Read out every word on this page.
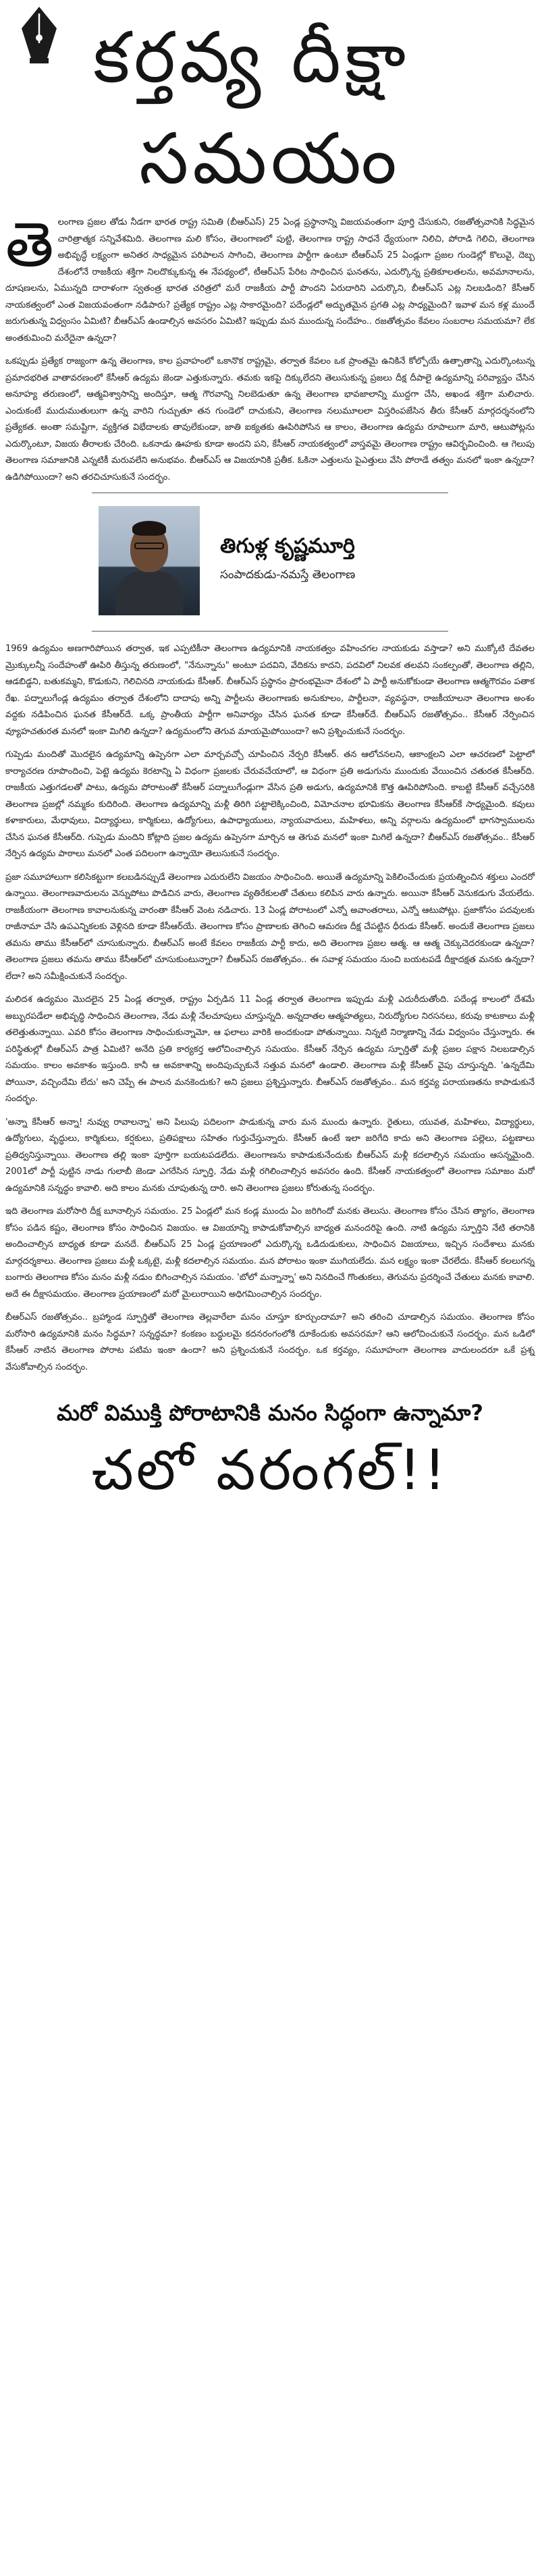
కర్తవ్య దీక్షా
సమయం
తె లంగాణ ప్రజల తోడు నీడగా భారత రాష్ట్ర సమితి (బీఆర్‌ఎస్) 25 ఏండ్ల ప్రస్థానాన్ని విజయవంతంగా పూర్తి చేసుకుని, రజతోత్సవానికి సిద్ధమైన చారిత్రాత్మక సన్నివేశమిది. తెలంగాణ మలి కోసం, తెలంగాణలో పుట్టి, తెలంగాణ రాష్ట్ర సాధనే ధ్యేయంగా నిలిచి, పోరాడి గెలిచి, తెలంగాణ అభివృద్ధే లక్ష్యంగా అనితర సాధ్యమైన పరిపాలన సాగించి, తెలంగాణ పార్టీగా ఉంటూ టీఆర్‌ఎస్ 25 ఏండ్లుగా ప్రజల గుండెల్లో కొలువై, దెబ్బ దేశంలోనే రాజకీయ శక్తిగా నిలదొక్కుకున్న ఈ నేపథ్యంలో, టీఆర్‌ఎస్ పేరిట సాధించిన ఘనతను, ఎదుర్కొన్న ప్రతికూలతలను, అవమానాలను, దూషణలను, ఏమున్నది దారాళంగా స్వతంత్ర భారత చరిత్రలో మరే రాజకీయ పార్టీ పొందని ఏరుదారిని ఎదుర్కొని, బీఆర్‌ఎస్ ఎట్ల నిలబడింది? కేసీఆర్ నాయకత్వంలో ఎంత విజయవంతంగా నడిపారు? ప్రత్యేక రాష్ట్రం ఎట్ల సాకారమైంది? పదేండ్లలో అద్భుతమైన ప్రగతి ఎట్ల సాధ్యమైంది? ఇవాళ మన కళ్ల ముందే జరుగుతున్న విధ్వంసం ఏమిటి? బీఆర్‌ఎస్ ఉండాల్సిన అవసరం ఏమిటి? ఇప్పుడు మన ముందున్న సందేహం.. రజతోత్సవం కేవలం సంబరాల సమయమా? లేక అంతకుమించి మరేదైనా ఉన్నదా?

ఒకప్పుడు ప్రత్యేక రాజ్యంగా ఉన్న తెలంగాణ, కాల ప్రవాహంలో ఒకానొక రాష్ట్రమై, తర్వాత కేవలం ఒక ప్రాంతమై ఉనికినే కోల్పోయే ఉత్పాతాన్ని ఎదుర్కొంటున్న ప్రమాదభరిత వాతావరణంలో కేసీఆర్ ఉద్యమ జెండా ఎత్తుకున్నారు. తమకు ఇకపై దిక్కులేదని తెలుసుకున్న ప్రజలు దీక్ష దీపాలై ఉద్యమాన్ని పరివ్యాప్తం చేసిన అనూహ్య తరుణంలో, ఆత్మవిశ్వాసాన్ని అందిస్తూ, ఆత్మ గౌరవాన్ని నిలబెడుతూ ఉన్న తెలంగాణ భావజాలాన్ని ముద్దగా చేసి, అఖండ శక్తిగా మలిచారు. ఎందుకంటే ముదుముతులుగా ఉన్న వారిని గుచ్చుతూ తన గుండెలో దాచుకుని, తెలంగాణ నలుమూలలా విస్తరింపజేసిన తీరు కేసీఆర్ మార్గదర్శనంలోని ప్రత్యేకత. అంతా సమష్టిగా, వ్యక్తిగత విభేదాలకు తావులేకుండా, జాతి ఐక్యతకు ఊపిరిపోసిన ఆ కాలం, తెలంగాణ ఉద్యమ రూపాలుగా మారి, ఆటుపోట్లను ఎదుర్కొంటూ, విజయ తీరాలకు చేరింది. ఒకనాడు ఊహకు కూడా అందని పని, కేసీఆర్ నాయకత్వంలో వాస్తవమై తెలంగాణ రాష్ట్రం ఆవిర్భవించింది. ఆ గెలుపు తెలంగాణ సమాజానికి ఎన్నటికీ మరువలేని అనుభవం. బీఆర్‌ఎస్ ఆ విజయానికి ప్రతీక. ఓకినా ఎత్తులను పైఎత్తులు వేసి పోరాడే తత్వం మనలో ఇంకా ఉన్నదా? ఉడిగిపోయిందా? అని తరచిచూసుకునే సందర్భం.

తిగుళ్ల కృష్ణమూర్తి
సంపాదకుడు-నమస్తే తెలంగాణ

1969 ఉద్యమం అణగారిపోయిన తర్వాత, ఇక ఎప్పటికీనా తెలంగాణ ఉద్యమానికి నాయకత్వం వహించగల నాయకుడు వస్తాడా? అని ముక్కోటి దేవతల మ్రొక్కులన్నీ సందేహంతో ఊపిరి తీస్తున్న తరుణంలో, "నేనున్నాను" అంటూ పదవిని, వేదికను కాదని, పదవిలో నిలవక తలవని సంకల్పంతో, తెలంగాణ తల్లిని, ఆడబిడ్డని, బతుకమ్మని, కొడుకుని, గెలిచినది నాయకుడు కేసీఆర్. బీఆర్‌ఎస్ ప్రస్థానం ప్రారంభమైనా దేశంలో ఏ పార్టీ అనుకోకుండా తెలంగాణ ఆత్మగౌరవం పతాక రేఖ. పద్నాలుగేండ్ల ఉద్యమం తర్వాత దేశంలోని దాదాపు అన్ని పార్టీలను తెలంగాణకు అనుకూలం, పార్టీలనా, వ్యవస్థనా, రాజకీయాలనా తెలంగాణ అంశం వద్దకు నడిపించిన ఘనత కేసీఆర్‌దే. ఒక్క ప్రాంతీయ పార్టీగా అనివార్యం చేసిన ఘనత కూడా కేసీఆర్‌దే. బీఆర్‌ఎస్ రజతోత్సవం.. కేసీఆర్ నేర్పించిన వ్యూహచతురత మనలో ఇంకా మిగిలి ఉన్నదా? ఉద్యమంలోని తెగువ మాయమైపోయిందా? అని ప్రశ్నించుకునే సందర్భం.

గుప్పెడు మందితో మొదలైన ఉద్యమాన్ని ఉప్పెనగా ఎలా మార్చవచ్చో చూపించిన నేర్పరి కేసీఆర్. తన ఆలోచనలని, ఆకాంక్షలని ఎలా ఆచరణలో పెట్టాలో కార్యాచరణ రూపొందించి, పెట్టె ఉద్యమ కెరటాన్ని ఏ విధంగా ప్రజలకు చేరువచేయాలో, ఆ విధంగా ప్రతి అడుగును ముందుకు వేయించిన చతురత కేసీఆర్‌ది. రాజకీయ ఎత్తుగడలతో పాటు, ఉద్యమ పోరాటంతో కేసీఆర్ పద్నాలుగేండ్లుగా వేసిన ప్రతి అడుగు, ఉద్యమానికి కొత్త ఊపిరిపోసింది. కాబట్టి కేసీఆర్ వచ్చేసరికి తెలంగాణ ప్రజల్లో నమ్మకం కుదిరింది. తెలంగాణ ఉద్యమాన్ని మళ్లీ తిరిగి పట్టాలెక్కించింది, విమోచనాల భూమికను తెలంగాణ కేసీఆర్‌కే సాధ్యమైంది. కవులు కళాకారులు, మేధావులు, విద్యార్థులు, కార్మికులు, ఉద్యోగులు, ఉపాధ్యాయులు, న్యాయవాదులు, మహిళలు, అన్ని వర్గాలను ఉద్యమంలో భాగస్వాములను చేసిన ఘనత కేసీఆర్‌ది. గుప్పెడు మందిని కోట్లాది ప్రజల ఉద్యమ ఉప్పెనగా మార్చిన ఆ తెగువ మనలో ఇంకా మిగిలే ఉన్నదా? బీఆర్‌ఎస్ రజతోత్సవం.. కేసీఆర్ నేర్పిన ఉద్యమ పాఠాలు మనలో ఎంత పదిలంగా ఉన్నాయో తెలుసుకునే సందర్భం.

ప్రజా సమూహాలుగా కలిసికట్టుగా కలబడినప్పుడే తెలంగాణ ఎదురులేని విజయం సాధించింది. అయితే ఉద్యమాన్ని పెకిలించేందుకు ప్రయత్నించిన శక్తులు ఎందరో ఉన్నాయి. తెలంగాణవాదులను వెన్నుపోటు పొడిచిన వారు, తెలంగాణ వ్యతిరేకులతో చేతులు కలిపిన వారు ఉన్నారు. అయినా కేసీఆర్ వెనుకడుగు వేయలేదు. రాజకీయంగా తెలంగాణ కావాలనుకున్న వారంతా కేసీఆర్ వెంట నడిచారు. 13 ఏండ్ల పోరాటంలో ఎన్నో అవాంతరాలు, ఎన్నో ఆటుపోట్లు. ప్రజాకోసం పదవులకు రాజీనామా చేసి ఉపఎన్నికలకు వెళ్లినది కూడా కేసీఆర్‌యే. తెలంగాణ కోసం ప్రాణాలకు తెగించి ఆమరణ దీక్ష చేపట్టిన ధీరుడు కేసీఆర్. అందుకే తెలంగాణ ప్రజలు తమను తాము కేసీఆర్‌లో చూసుకున్నారు. బీఆర్‌ఎస్ అంటే కేవలం రాజకీయ పార్టీ కాదు, అది తెలంగాణ ప్రజల ఆత్మ. ఆ ఆత్మ చెక్కుచెదరకుండా ఉన్నదా? తెలంగాణ ప్రజలు తమను తాము కేసీఆర్‌లో చూసుకుంటున్నారా? బీఆర్‌ఎస్ రజతోత్సవం.. ఈ సవాళ్ల సమయం నుంచి బయటపడే దీక్షాదక్షత మనకు ఉన్నదా? లేదా? అని సమీక్షించుకునే సందర్భం.

మలిదశ ఉద్యమం మొదలైన 25 ఏండ్ల తర్వాత, రాష్ట్రం ఏర్పడిన 11 ఏండ్ల తర్వాత తెలంగాణ ఇప్పుడు మళ్లీ ఎదురీదుతోంది. పదేండ్ల కాలంలో దేశమే అబ్బురపడేలా అభివృద్ధి సాధించిన తెలంగాణ, నేడు మళ్లీ నేలచూపులు చూస్తున్నది. అన్నదాతల ఆత్మహత్యలు, నిరుద్యోగుల నిరసనలు, కరువు కాటకాలు మళ్లీ తలెత్తుతున్నాయి. ఎవరి కోసం తెలంగాణ సాధించుకున్నామో, ఆ ఫలాలు వారికి అందకుండా పోతున్నాయి. నిన్నటి నిర్మాణాన్ని నేడు విధ్వంసం చేస్తున్నారు. ఈ పరిస్థితుల్లో బీఆర్‌ఎస్ పాత్ర ఏమిటి? అనేది ప్రతి కార్యకర్త ఆలోచించాల్సిన సమయం. కేసీఆర్ నేర్పిన ఉద్యమ స్ఫూర్తితో మళ్లీ ప్రజల పక్షాన నిలబడాల్సిన సమయం. కాలం అవకాశం ఇస్తుంది. కానీ ఆ అవకాశాన్ని అందిపుచ్చుకునే సత్తువ మనలో ఉండాలి. తెలంగాణ మళ్లీ కేసీఆర్ వైపు చూస్తున్నది. 'ఉన్నదేమి పోయినా, వచ్చిందేమి లేదు' అని చెప్పే ఈ పాలన మనకెందుకు? అని ప్రజలు ప్రశ్నిస్తున్నారు. బీఆర్‌ఎస్ రజతోత్సవం.. మన కర్తవ్య పరాయణతను కాపాడుకునే సందర్భం.

'అన్నా కేసీఆర్ అన్నా! నువ్వు రావాలన్నా' అని పిలుపు పదిలంగా పాడుకున్న వారు మన ముందు ఉన్నారు. రైతులు, యువత, మహిళలు, విద్యార్థులు, ఉద్యోగులు, వృద్ధులు, కార్మికులు, కర్షకులు, ప్రతిపక్షాలు సహితం గుర్తుచేస్తున్నారు. కేసీఆర్ ఉంటే ఇలా జరిగేది కాదు అని తెలంగాణ పల్లెలు, పట్టణాలు ప్రతిధ్వనిస్తున్నాయి. తెలంగాణ తల్లి ఇంకా పూర్తిగా బయటపడలేదు. తెలంగాణను కాపాడుకునేందుకు బీఆర్‌ఎస్ మళ్లీ కదలాల్సిన సమయం ఆసన్నమైంది. 2001లో పార్టీ పుట్టిన నాడు గులాబీ జెండా ఎగరేసిన స్ఫూర్తి, నేడు మళ్లీ రగిలించాల్సిన అవసరం ఉంది. కేసీఆర్ నాయకత్వంలో తెలంగాణ సమాజం మరో ఉద్యమానికి సన్నద్ధం కావాలి. అది కాలం మనకు చూపుతున్న దారి. అని తెలంగాణ ప్రజలు కోరుతున్న సందర్భం.

ఇది తెలంగాణ మరోసారి దీక్ష బూనాల్సిన సమయం. 25 ఏండ్లలో మన కండ్ల ముందు ఏం జరిగిందో మనకు తెలుసు. తెలంగాణ కోసం చేసిన త్యాగం, తెలంగాణ కోసం పడిన కష్టం, తెలంగాణ కోసం సాధించిన విజయం. ఆ విజయాన్ని కాపాడుకోవాల్సిన బాధ్యత మనందరిపై ఉంది. నాటి ఉద్యమ స్ఫూర్తిని నేటి తరానికి అందించాల్సిన బాధ్యత కూడా మనదే. బీఆర్‌ఎస్ 25 ఏండ్ల ప్రయాణంలో ఎదుర్కొన్న ఒడిదుడుకులు, సాధించిన విజయాలు, ఇచ్చిన సందేశాలు మనకు మార్గదర్శకాలు. తెలంగాణ ప్రజలు మళ్లీ ఒక్కటై, మళ్లీ కదలాల్సిన సమయం. మన పోరాటం ఇంకా ముగియలేదు. మన లక్ష్యం ఇంకా చేరలేదు. కేసీఆర్ కలలుగన్న బంగారు తెలంగాణ కోసం మనం మళ్లీ నడుం బిగించాల్సిన సమయం. 'బోలో మన్నాన్నా' అని నినదించే గొంతుకలు, తెగువను ప్రదర్శించే చేతులు మనకు కావాలి. అదే ఈ దీక్షాసమయం. తెలంగాణ ప్రయాణంలో మరో మైలురాయిని అధిగమించాల్సిన సందర్భం.

బీఆర్‌ఎస్ రజతోత్సవం.. బ్రహ్మాండ స్ఫూర్తితో తెలంగాణ తెల్లవారేలా మనం చూస్తూ కూర్చుందామా? అని తరించి చూడాల్సిన సమయం. తెలంగాణ కోసం మరోసారి ఉద్యమానికి మనం సిద్ధమా? సన్నద్ధమా? కంకణం బద్ధులమై కదనరంగంలోకి దూకేందుకు అవసరమా? ఆని ఆలోచించుకునే సందర్భం. మన ఒడిలో కేసీఆర్ నాటిన తెలంగాణ పోరాట పటిమ ఇంకా ఉందా? అని ప్రశ్నించుకునే సందర్భం. ఒక కర్తవ్యం, సమూహంగా తెలంగాణ వాదులందరూ ఒకే ప్రశ్న వేసుకోవాల్సిన సందర్భం.

మరో విముక్తి పోరాటానికి మనం సిద్ధంగా ఉన్నామా?

చలో వరంగల్!!
